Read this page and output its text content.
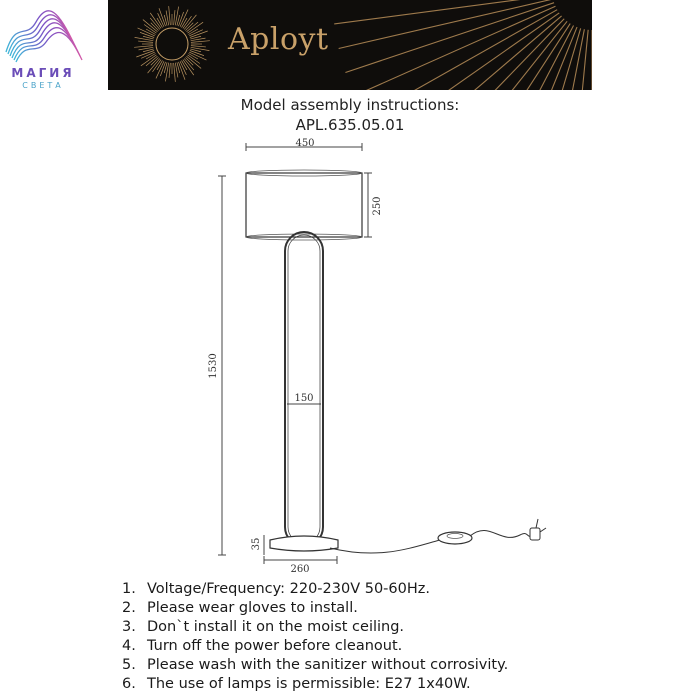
МАГИЯ
СВЕТА
Aployt
Model assembly instructions:
APL.635.05.01
450
250
1530
150
35
260
1. Voltage/Frequency: 220-230V 50-60Hz.
2. Please wear gloves to install.
3. Don`t install it on the moist ceiling.
4. Turn off the power before cleanout.
5. Please wash with the sanitizer without corrosivity.
6. The use of lamps is permissible: E27 1x40W.
